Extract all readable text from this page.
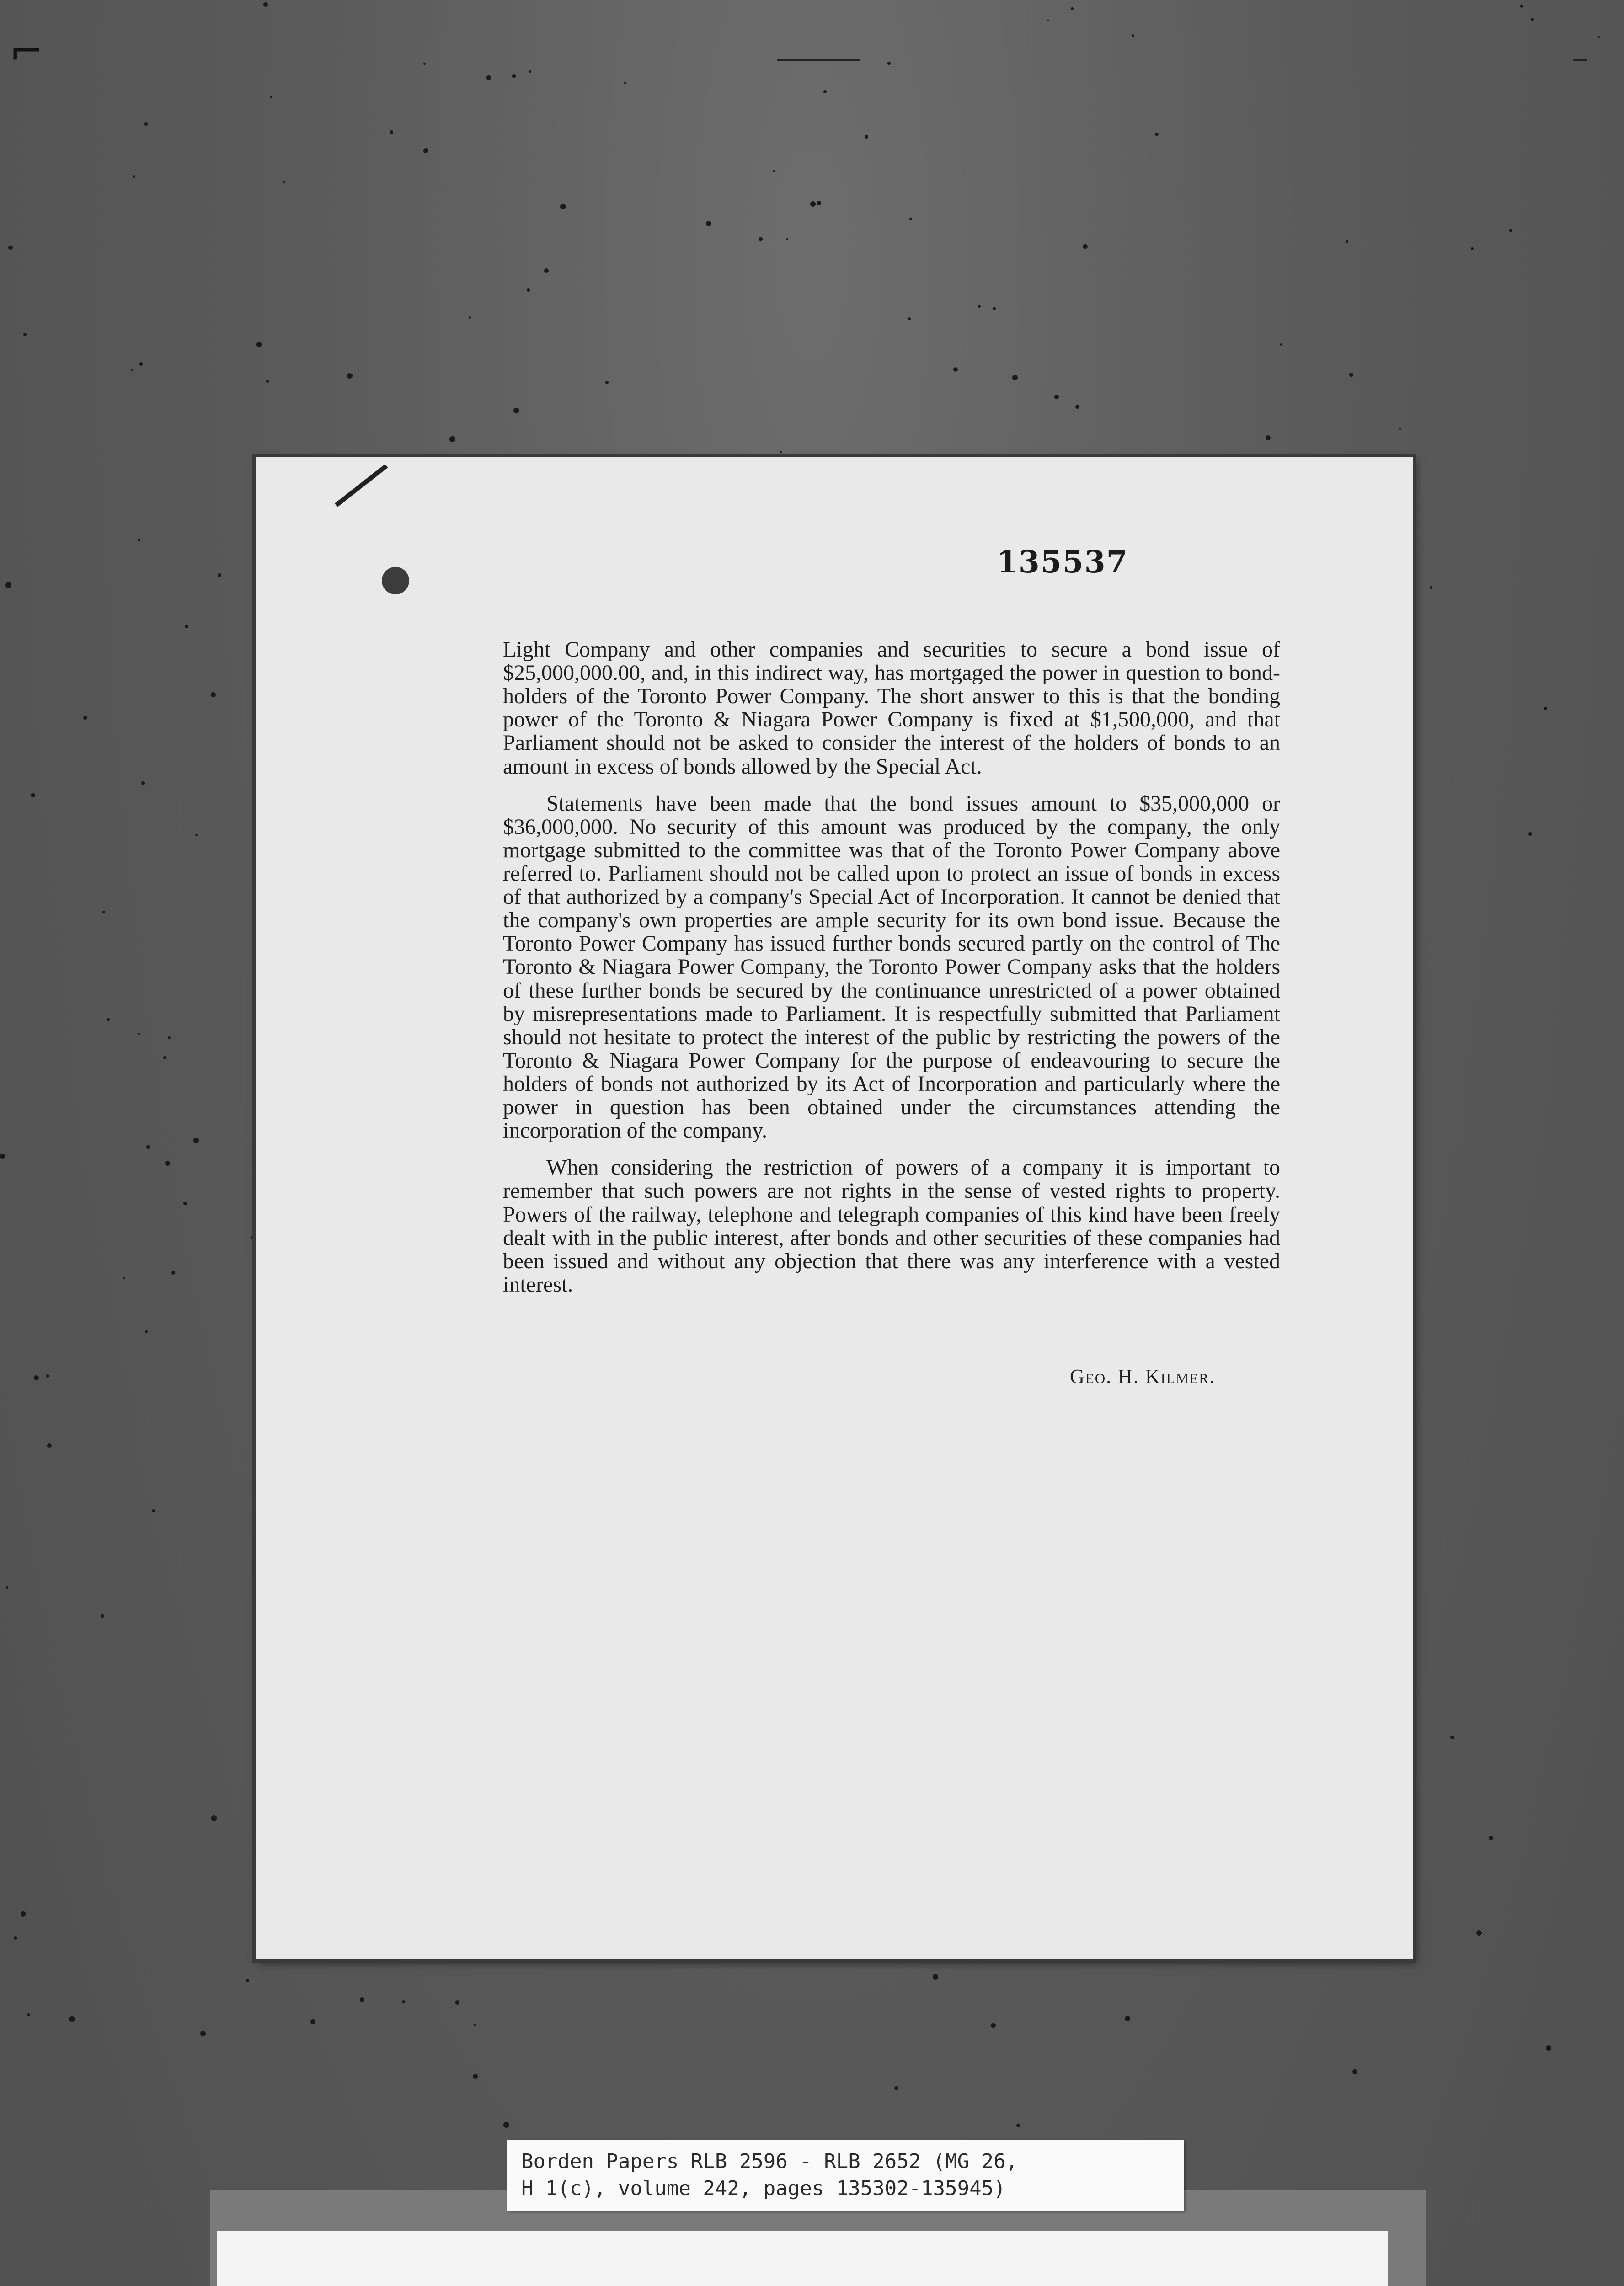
⌐
135537

Light Company and other companies and securities to secure a bond issue of $25,000,000.00, and, in this indirect way, has mortgaged the power in question to bond-holders of the Toronto Power Company. The short answer to this is that the bonding power of the Toronto & Niagara Power Company is fixed at $1,500,000, and that Parliament should not be asked to consider the interest of the holders of bonds to an amount in excess of bonds allowed by the Special Act.

Statements have been made that the bond issues amount to $35,000,000 or $36,000,000. No security of this amount was produced by the company, the only mortgage submitted to the committee was that of the Toronto Power Company above referred to. Parliament should not be called upon to protect an issue of bonds in excess of that authorized by a company's Special Act of Incorporation. It cannot be denied that the company's own properties are ample security for its own bond issue. Because the Toronto Power Company has issued further bonds secured partly on the control of The Toronto & Niagara Power Company, the Toronto Power Company asks that the holders of these further bonds be secured by the continuance unrestricted of a power obtained by misrepresentations made to Parliament. It is respectfully submitted that Parliament should not hesitate to protect the interest of the public by restricting the powers of the Toronto & Niagara Power Company for the purpose of endeavouring to secure the holders of bonds not authorized by its Act of Incorporation and particularly where the power in question has been obtained under the circumstances attending the incorporation of the company.

When considering the restriction of powers of a company it is important to remember that such powers are not rights in the sense of vested rights to property. Powers of the railway, telephone and telegraph companies of this kind have been freely dealt with in the public interest, after bonds and other securities of these companies had been issued and without any objection that there was any interference with a vested interest.

Geo. H. Kilmer.
Borden Papers RLB 2596 - RLB 2652 (MG 26,
H 1(c), volume 242, pages 135302-135945)
